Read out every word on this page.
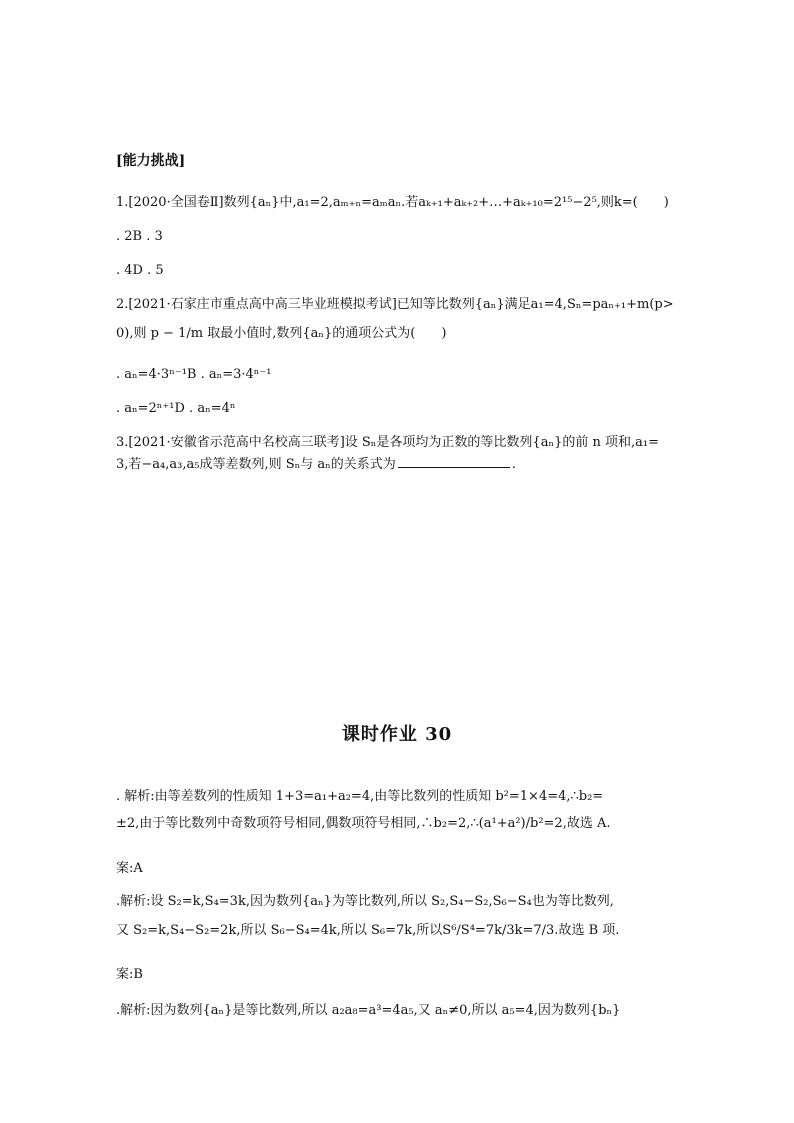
[能力挑战]
1.[2020·全国卷Ⅱ]数列{aₙ}中,a₁=2,aₘ₊ₙ=aₘaₙ.若aₖ₊₁+aₖ₊₂+…+aₖ₊₁₀=2¹⁵−2⁵,则k=(　　)
. 2B . 3
. 4D . 5
2.[2021·石家庄市重点高中高三毕业班模拟考试]已知等比数列{aₙ}满足a₁=4,Sₙ=paₙ₊₁+m(p>
0),则 p − 1/m 取最小值时,数列{aₙ}的通项公式为(　　)
. aₙ=4·3ⁿ⁻¹B . aₙ=3·4ⁿ⁻¹
. aₙ=2ⁿ⁺¹D . aₙ=4ⁿ
3.[2021·安徽省示范高中名校高三联考]设 Sₙ是各项均为正数的等比数列{aₙ}的前 n 项和,a₁=
3,若−a₄,a₃,a₅成等差数列,则 Sₙ与 aₙ的关系式为	.
课时作业 30
. 解析:由等差数列的性质知 1+3=a₁+a₂=4,由等比数列的性质知 b²=1×4=4,∴b₂=
±2,由于等比数列中奇数项符号相同,偶数项符号相同,∴b₂=2,∴(a¹+a²)/b²=2,故选 A.
案:A
.解析:设 S₂=k,S₄=3k,因为数列{aₙ}为等比数列,所以 S₂,S₄−S₂,S₆−S₄也为等比数列,
又 S₂=k,S₄−S₂=2k,所以 S₆−S₄=4k,所以 S₆=7k,所以S⁶/S⁴=7k/3k=7/3.故选 B 项.
案:B
.解析:因为数列{aₙ}是等比数列,所以 a₂a₈=a³=4a₅,又 aₙ≠0,所以 a₅=4,因为数列{bₙ}
